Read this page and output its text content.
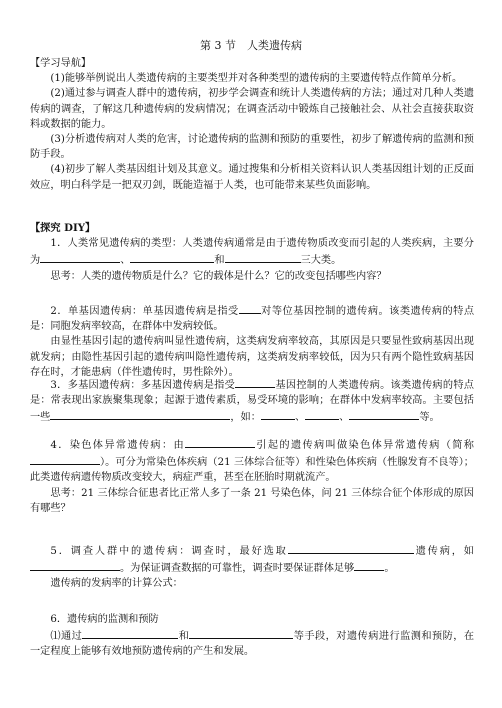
第 3 节　人类遗传病

【学习导航】

(1)能够举例说出人类遗传病的主要类型并对各种类型的遗传病的主要遗传特点作简单分析。

(2)通过参与调查人群中的遗传病，初步学会调查和统计人类遗传病的方法；通过对几种人类遗传病的调查，了解这几种遗传病的发病情况；在调查活动中锻炼自己接触社会、从社会直接获取资料或数据的能力。

(3)分析遗传病对人类的危害，讨论遗传病的监测和预防的重要性，初步了解遗传病的监测和预防手段。

(4)初步了解人类基因组计划及其意义。通过搜集和分析相关资料认识人类基因组计划的正反面效应，明白科学是一把双刃剑，既能造福于人类，也可能带来某些负面影响。

【探究 DIY】

1．人类常见遗传病的类型：人类遗传病通常是由于遗传物质改变而引起的人类疾病，主要分为	、	和	三大类。

思考：人类的遗传物质是什么？它的载体是什么？它的改变包括哪些内容？

2．单基因遗传病：单基因遗传病是指受 对等位基因控制的遗传病。该类遗传病的特点是：同胞发病率较高，在群体中发病较低。

由显性基因引起的遗传病叫显性遗传病，这类病发病率较高，其原因是只要显性致病基因出现就发病；由隐性基因引起的遗传病叫隐性遗传病，这类病发病率较低，因为只有两个隐性致病基因存在时，才能患病（伴性遗传时，男性除外）。

3．多基因遗传病：多基因遗传病是指受	基因控制的人类遗传病。该类遗传病的特点是：常表现出家族聚集现象；起源于遗传素质，易受环境的影响；在群体中发病率较高。主要包括一些	，如：	、	、	等。

4．染色体异常遗传病：由	引起的遗传病叫做染色体异常遗传病（简称）。可分为常染色体疾病（21 三体综合征等）和性染色体疾病（性腺发育不良等）；此类遗传病遗传物质改变较大，病症严重，甚至在胚胎时期就流产。

思考：21 三体综合征患者比正常人多了一条 21 号染色体，问 21 三体综合征个体形成的原因有哪些？

5．调查人群中的遗传病：调查时，最好选取	遗传病，如。为保证调查数据的可靠性，调查时要保证群体足够	。

遗传病的发病率的计算公式：

6．遗传病的监测和预防

⑴通过	和	等手段，对遗传病进行监测和预防，在一定程度上能够有效地预防遗传病的产生和发展。
